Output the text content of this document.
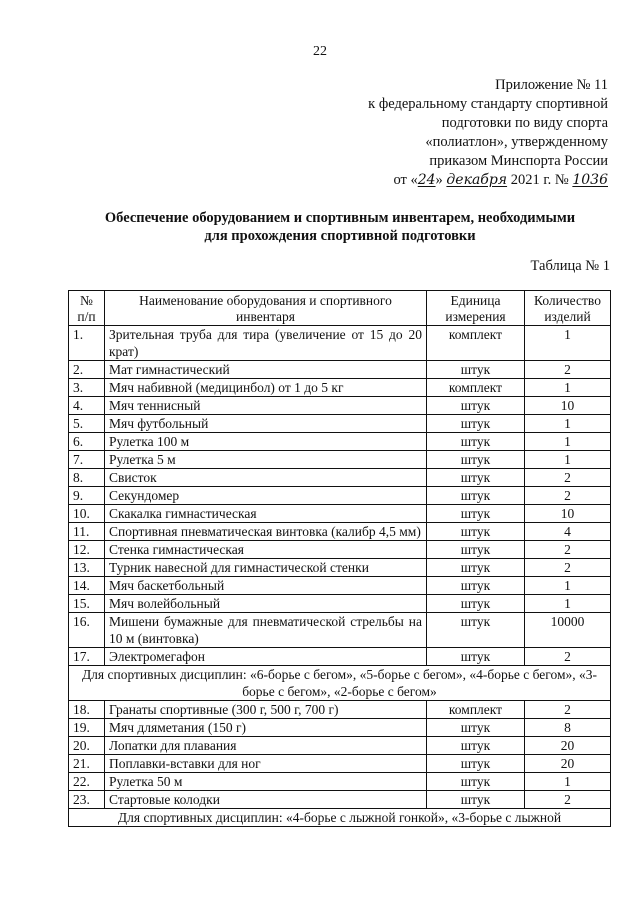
22
Приложение № 11
к федеральному стандарту спортивной
подготовки по виду спорта
«полиатлон», утвержденному
приказом Минспорта России
от «24» декабря 2021 г. № 1036
Обеспечение оборудованием и спортивным инвентарем, необходимыми
для прохождения спортивной подготовки
Таблица № 1
№ п/п	Наименование оборудования и спортивного инвентаря	Единица измерения	Количество изделий
1.	Зрительная труба для тира (увеличение от 15 до 20 крат)	комплект	1
2.	Мат гимнастический	штук	2
3.	Мяч набивной (медицинбол) от 1 до 5 кг	комплект	1
4.	Мяч теннисный	штук	10
5.	Мяч футбольный	штук	1
6.	Рулетка 100 м	штук	1
7.	Рулетка 5 м	штук	1
8.	Свисток	штук	2
9.	Секундомер	штук	2
10.	Скакалка гимнастическая	штук	10
11.	Спортивная пневматическая винтовка (калибр 4,5 мм)	штук	4
12.	Стенка гимнастическая	штук	2
13.	Турник навесной для гимнастической стенки	штук	2
14.	Мяч баскетбольный	штук	1
15.	Мяч волейбольный	штук	1
16.	Мишени бумажные для пневматической стрельбы на 10 м (винтовка)	штук	10000
17.	Электромегафон	штук	2
Для спортивных дисциплин: «6-борье с бегом», «5-борье с бегом», «4-борье с бегом», «3-борье с бегом», «2-борье с бегом»			
18.	Гранаты спортивные (300 г, 500 г, 700 г)	комплект	2
19.	Мяч дляметания (150 г)	штук	8
20.	Лопатки для плавания	штук	20
21.	Поплавки-вставки для ног	штук	20
22.	Рулетка 50 м	штук	1
23.	Стартовые колодки	штук	2
Для спортивных дисциплин: «4-борье с лыжной гонкой», «3-борье с лыжной			
